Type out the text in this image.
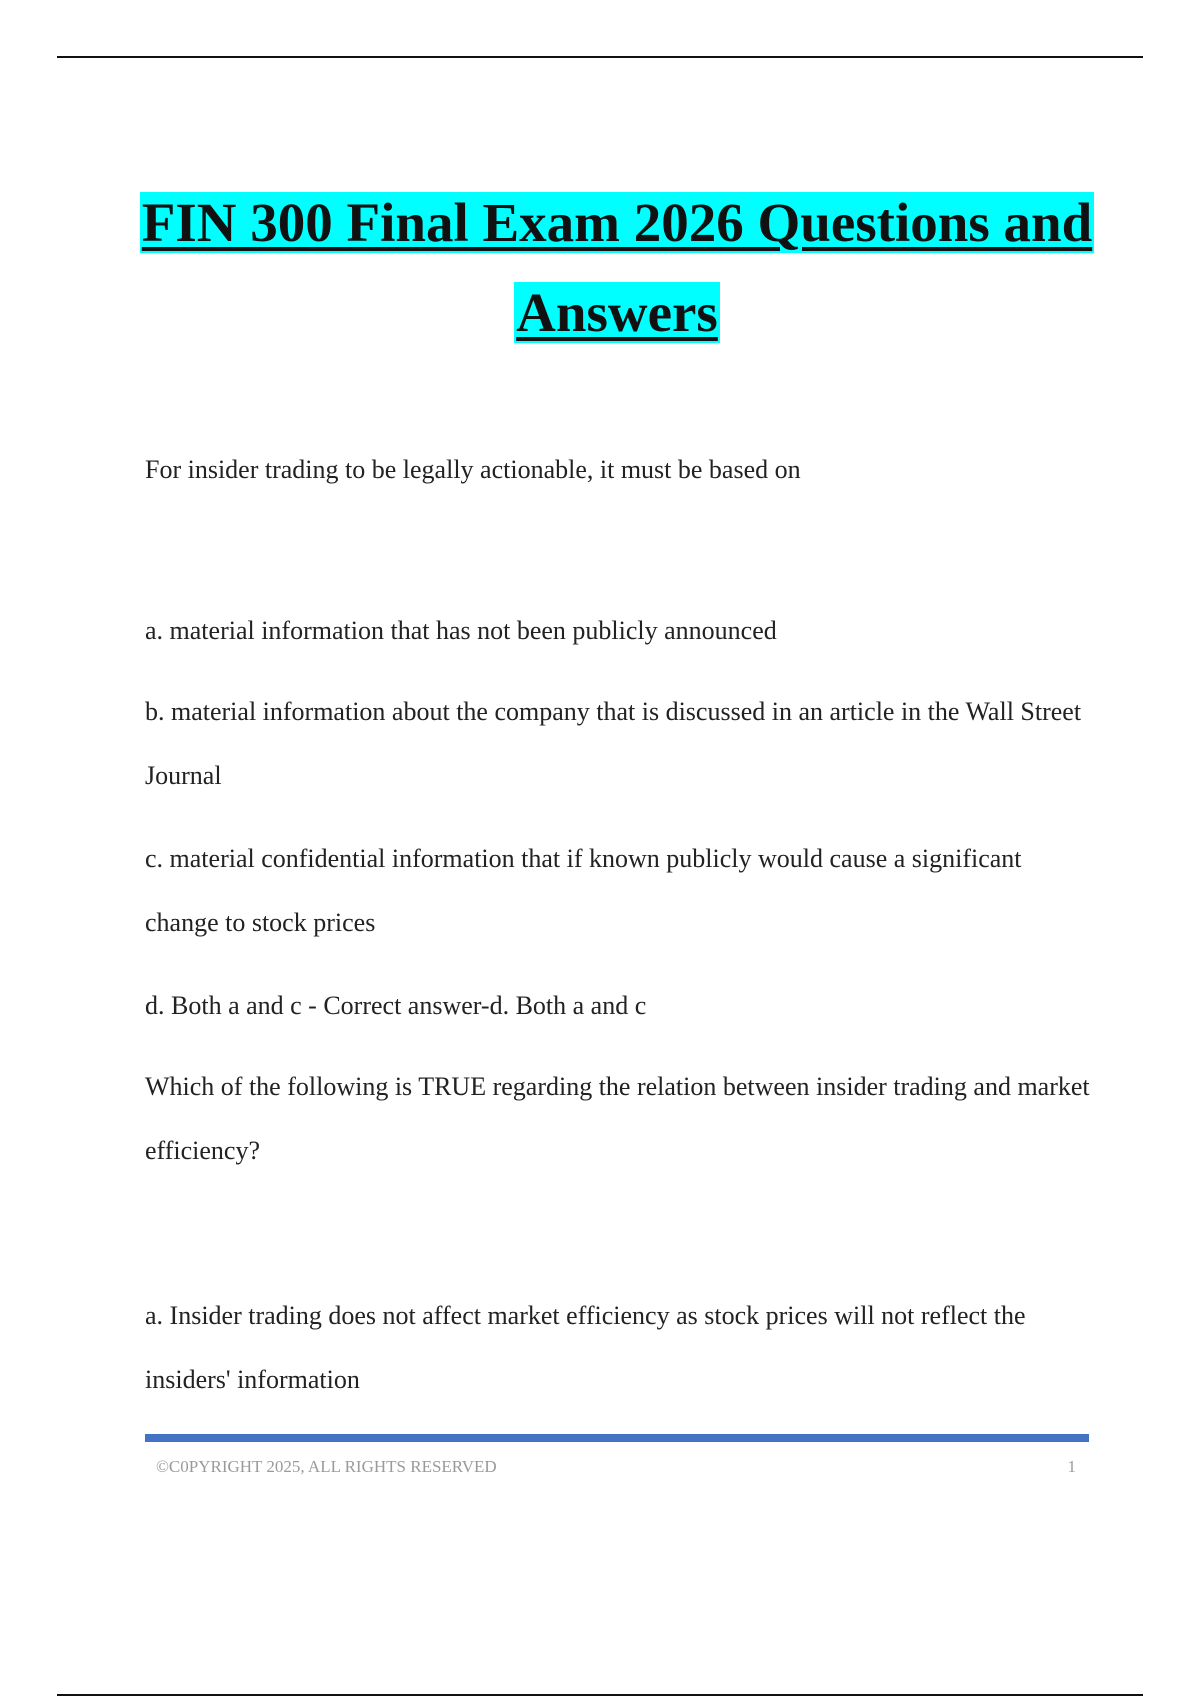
FIN 300 Final Exam 2026 Questions and
Answers

For insider trading to be legally actionable, it must be based on

a. material information that has not been publicly announced

b. material information about the company that is discussed in an article in the Wall Street Journal

c. material confidential information that if known publicly would cause a significant change to stock prices

d. Both a and c - Correct answer-d. Both a and c

Which of the following is TRUE regarding the relation between insider trading and market efficiency?

a. Insider trading does not affect market efficiency as stock prices will not reflect the insiders' information

©C0PYRIGHT 2025, ALL RIGHTS RESERVED	1
